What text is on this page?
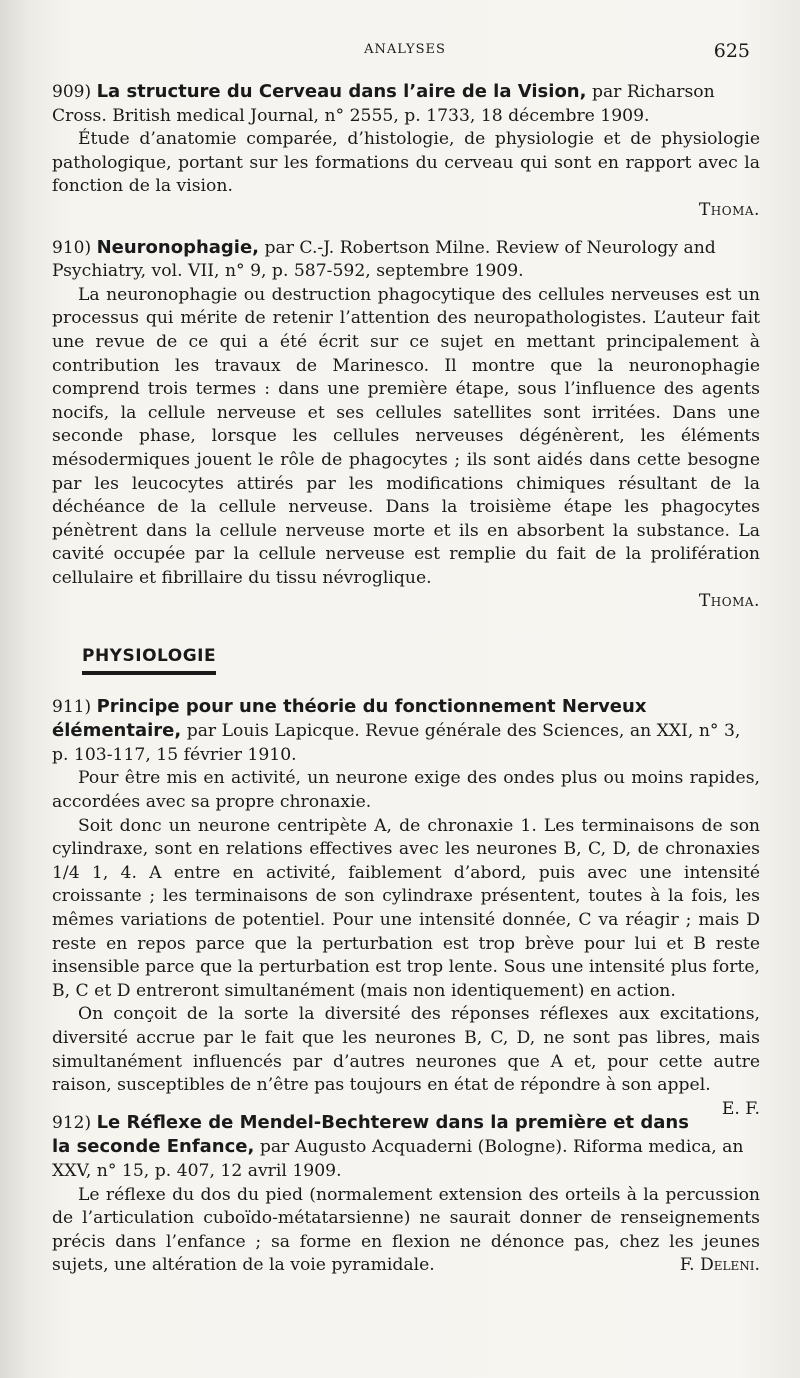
ANALYSES	625
909) La structure du Cerveau dans l’aire de la Vision, par Richarson Cross. British medical Journal, n° 2555, p. 1733, 18 décembre 1909.

Étude d’anatomie comparée, d’histologie, de physiologie et de physiologie pathologique, portant sur les formations du cerveau qui sont en rapport avec la fonction de la vision.

Thoma.
910) Neuronophagie, par C.-J. Robertson Milne. Review of Neurology and Psychiatry, vol. VII, n° 9, p. 587-592, septembre 1909.

La neuronophagie ou destruction phagocytique des cellules nerveuses est un processus qui mérite de retenir l’attention des neuropathologistes. L’auteur fait une revue de ce qui a été écrit sur ce sujet en mettant principalement à contribution les travaux de Marinesco. Il montre que la neuronophagie comprend trois termes : dans une première étape, sous l’influence des agents nocifs, la cellule nerveuse et ses cellules satellites sont irritées. Dans une seconde phase, lorsque les cellules nerveuses dégénèrent, les éléments mésodermiques jouent le rôle de phagocytes ; ils sont aidés dans cette besogne par les leucocytes attirés par les modifications chimiques résultant de la déchéance de la cellule nerveuse. Dans la troisième étape les phagocytes pénètrent dans la cellule nerveuse morte et ils en absorbent la substance. La cavité occupée par la cellule nerveuse est remplie du fait de la prolifération cellulaire et fibrillaire du tissu névroglique.

Thoma.
PHYSIOLOGIE
911) Principe pour une théorie du fonctionnement Nerveux élémentaire, par Louis Lapicque. Revue générale des Sciences, an XXI, n° 3, p. 103-117, 15 février 1910.

Pour être mis en activité, un neurone exige des ondes plus ou moins rapides, accordées avec sa propre chronaxie.

Soit donc un neurone centripète A, de chronaxie 1. Les terminaisons de son cylindraxe, sont en relations effectives avec les neurones B, C, D, de chronaxies 1/4 1, 4. A entre en activité, faiblement d’abord, puis avec une intensité croissante ; les terminaisons de son cylindraxe présentent, toutes à la fois, les mêmes variations de potentiel. Pour une intensité donnée, C va réagir ; mais D reste en repos parce que la perturbation est trop brève pour lui et B reste insensible parce que la perturbation est trop lente. Sous une intensité plus forte, B, C et D entreront simultanément (mais non identiquement) en action.

On conçoit de la sorte la diversité des réponses réflexes aux excitations, diversité accrue par le fait que les neurones B, C, D, ne sont pas libres, mais simultanément influencés par d’autres neurones que A et, pour cette autre raison, susceptibles de n’être pas toujours en état de répondre à son appel.
E. F.

912) Le Réflexe de Mendel-Bechterew dans la première et dans la seconde Enfance, par Augusto Acquaderni (Bologne). Riforma medica, an XXV, n° 15, p. 407, 12 avril 1909.

Le réflexe du dos du pied (normalement extension des orteils à la percussion de l’articulation cuboïdo-métatarsienne) ne saurait donner de renseignements précis dans l’enfance ; sa forme en flexion ne dénonce pas, chez les jeunes sujets, une altération de la voie pyramidale.	F. Deleni.
